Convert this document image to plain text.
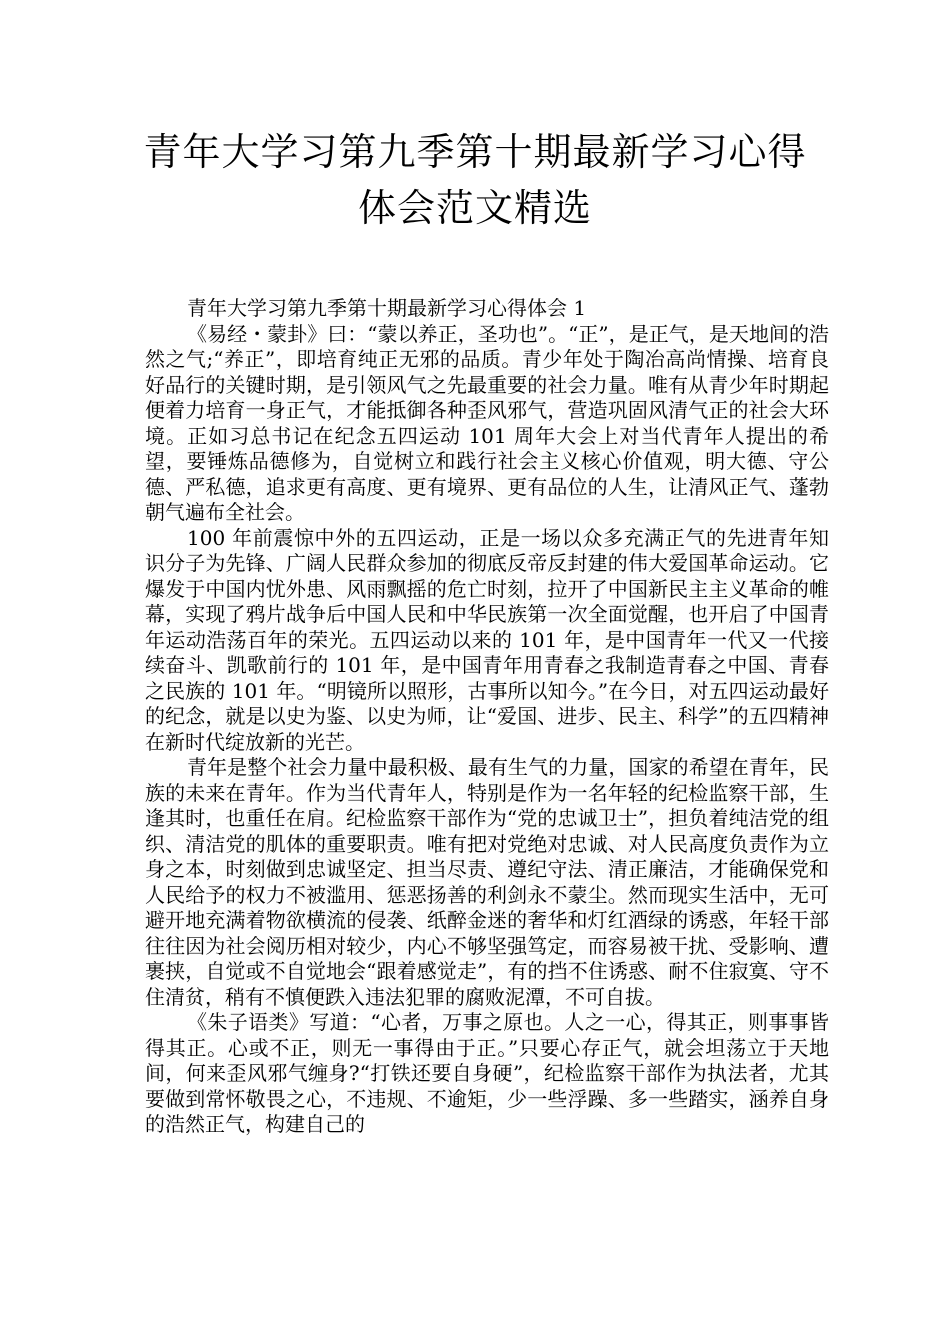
青年大学习第九季第十期最新学习心得
体会范文精选

青年大学习第九季第十期最新学习心得体会 1

《易经・蒙卦》曰：“蒙以养正，圣功也”。“正”，是正气，是天地间的浩然之气;“养正”，即培育纯正无邪的品质。青少年处于陶冶高尚情操、培育良好品行的关键时期，是引领风气之先最重要的社会力量。唯有从青少年时期起便着力培育一身正气，才能抵御各种歪风邪气，营造巩固风清气正的社会大环境。正如习总书记在纪念五四运动 101 周年大会上对当代青年人提出的希望，要锤炼品德修为，自觉树立和践行社会主义核心价值观，明大德、守公德、严私德，追求更有高度、更有境界、更有品位的人生，让清风正气、蓬勃朝气遍布全社会。

100 年前震惊中外的五四运动，正是一场以众多充满正气的先进青年知识分子为先锋、广阔人民群众参加的彻底反帝反封建的伟大爱国革命运动。它爆发于中国内忧外患、风雨飘摇的危亡时刻，拉开了中国新民主主义革命的帷幕，实现了鸦片战争后中国人民和中华民族第一次全面觉醒，也开启了中国青年运动浩荡百年的荣光。五四运动以来的 101 年，是中国青年一代又一代接续奋斗、凯歌前行的 101 年，是中国青年用青春之我制造青春之中国、青春之民族的 101 年。“明镜所以照形，古事所以知今。”在今日，对五四运动最好的纪念，就是以史为鉴、以史为师，让“爱国、进步、民主、科学”的五四精神在新时代绽放新的光芒。

青年是整个社会力量中最积极、最有生气的力量，国家的希望在青年，民族的未来在青年。作为当代青年人，特别是作为一名年轻的纪检监察干部，生逢其时，也重任在肩。纪检监察干部作为“党的忠诚卫士”，担负着纯洁党的组织、清洁党的肌体的重要职责。唯有把对党绝对忠诚、对人民高度负责作为立身之本，时刻做到忠诚坚定、担当尽责、遵纪守法、清正廉洁，才能确保党和人民给予的权力不被滥用、惩恶扬善的利剑永不蒙尘。然而现实生活中，无可避开地充满着物欲横流的侵袭、纸醉金迷的奢华和灯红酒绿的诱惑，年轻干部往往因为社会阅历相对较少，内心不够坚强笃定，而容易被干扰、受影响、遭裹挟，自觉或不自觉地会“跟着感觉走”，有的挡不住诱惑、耐不住寂寞、守不住清贫，稍有不慎便跌入违法犯罪的腐败泥潭，不可自拔。

《朱子语类》写道：“心者，万事之原也。人之一心，得其正，则事事皆得其正。心或不正，则无一事得由于正。”只要心存正气，就会坦荡立于天地间，何来歪风邪气缠身?“打铁还要自身硬”，纪检监察干部作为执法者，尤其要做到常怀敬畏之心，不违规、不逾矩，少一些浮躁、多一些踏实，涵养自身的浩然正气，构建自己的
